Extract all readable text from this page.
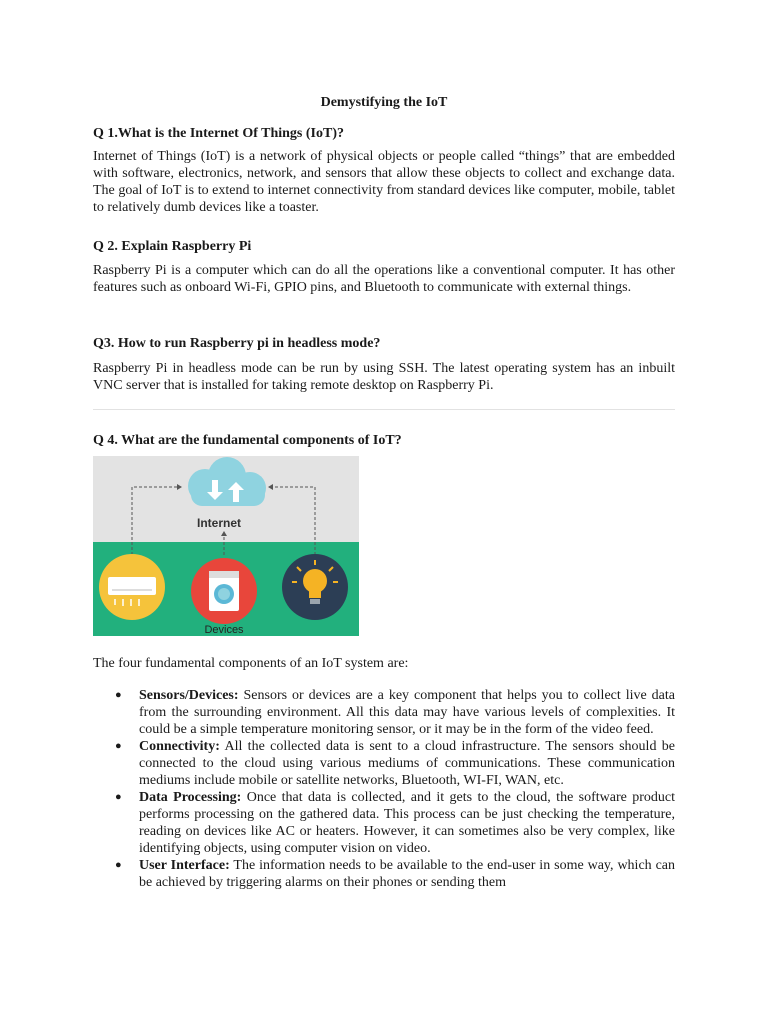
Demystifying the IoT
Q 1.What is the Internet Of Things (IoT)?
Internet of Things (IoT) is a network of physical objects or people called “things” that are embedded with software, electronics, network, and sensors that allow these objects to collect and exchange data. The goal of IoT is to extend to internet connectivity from standard devices like computer, mobile, tablet to relatively dumb devices like a toaster.
Q 2. Explain Raspberry Pi
Raspberry Pi is a computer which can do all the operations like a conventional computer. It has other features such as onboard Wi-Fi, GPIO pins, and Bluetooth to communicate with external things.
Q3. How to run Raspberry pi in headless mode?
Raspberry Pi in headless mode can be run by using SSH. The latest operating system has an inbuilt VNC server that is installed for taking remote desktop on Raspberry Pi.
Q 4. What are the fundamental components of IoT?
Internet
Devices
The four fundamental components of an IoT system are:
● Sensors/Devices: Sensors or devices are a key component that helps you to collect live data from the surrounding environment. All this data may have various levels of complexities. It could be a simple temperature monitoring sensor, or it may be in the form of the video feed.
● Connectivity: All the collected data is sent to a cloud infrastructure. The sensors should be connected to the cloud using various mediums of communications. These communication mediums include mobile or satellite networks, Bluetooth, WI-FI, WAN, etc.
● Data Processing: Once that data is collected, and it gets to the cloud, the software product performs processing on the gathered data. This process can be just checking the temperature, reading on devices like AC or heaters. However, it can sometimes also be very complex, like identifying objects, using computer vision on video.
● User Interface: The information needs to be available to the end-user in some way, which can be achieved by triggering alarms on their phones or sending them
